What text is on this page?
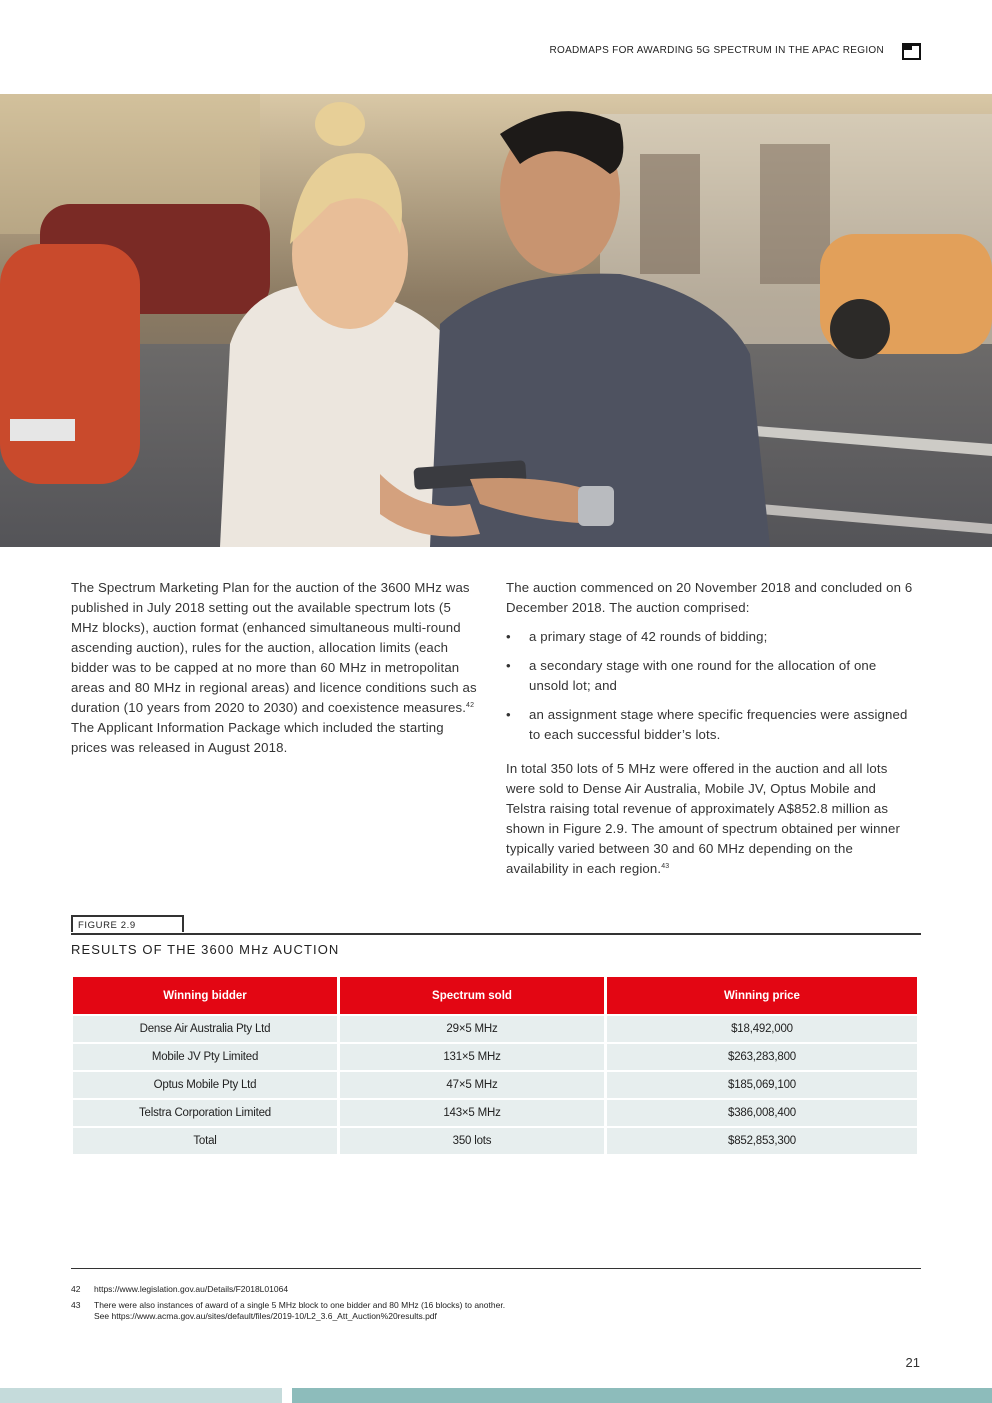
ROADMAPS FOR AWARDING 5G SPECTRUM IN THE APAC REGION

The Spectrum Marketing Plan for the auction of the 3600 MHz was published in July 2018 setting out the available spectrum lots (5 MHz blocks), auction format (enhanced simultaneous multi-round ascending auction), rules for the auction, allocation limits (each bidder was to be capped at no more than 60 MHz in metropolitan areas and 80 MHz in regional areas) and licence conditions such as duration (10 years from 2020 to 2030) and coexistence measures.$^{42}$ The Applicant Information Package which included the starting prices was released in August 2018.

The auction commenced on 20 November 2018 and concluded on 6 December 2018. The auction comprised:

• a primary stage of 42 rounds of bidding;
• a secondary stage with one round for the allocation of one unsold lot; and
• an assignment stage where specific frequencies were assigned to each successful bidder’s lots.

In total 350 lots of 5 MHz were offered in the auction and all lots were sold to Dense Air Australia, Mobile JV, Optus Mobile and Telstra raising total revenue of approximately A$852.8 million as shown in Figure 2.9. The amount of spectrum obtained per winner typically varied between 30 and 60 MHz depending on the availability in each region.$^{43}$

FIGURE 2.9
RESULTS OF THE 3600 MHz AUCTION
Winning bidder	Spectrum sold	Winning price
Dense Air Australia Pty Ltd	29×5 MHz	$18,492,000
Mobile JV Pty Limited	131×5 MHz	$263,283,800
Optus Mobile Pty Ltd	47×5 MHz	$185,069,100
Telstra Corporation Limited	143×5 MHz	$386,008,400
Total	350 lots	$852,853,300
42 https://www.legislation.gov.au/Details/F2018L01064
43 There were also instances of award of a single 5 MHz block to one bidder and 80 MHz (16 blocks) to another.
See https://www.acma.gov.au/sites/default/files/2019-10/L2_3.6_Att_Auction%20results.pdf
21
